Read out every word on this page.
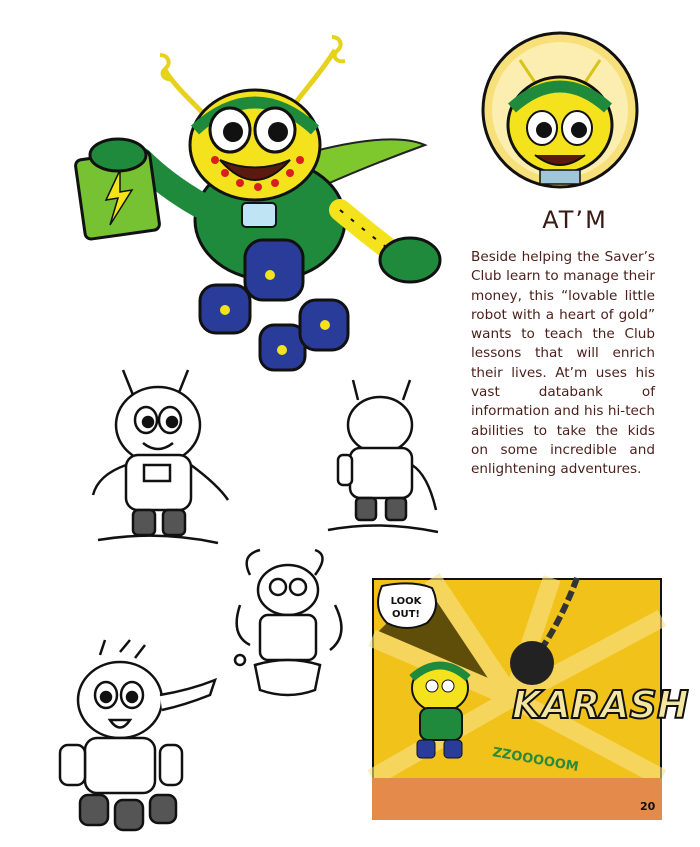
AT’M
Beside helping the Saver’s Club learn to manage their money, this “lovable little robot with a heart of gold” wants to teach the Club lessons that will enrich their lives. At’m uses his vast databank of information and his hi-tech abilities to take the kids on some incredible and enlightening adventures.
LOOK
OUT!
KARASH
ZZOOOOOM
20
